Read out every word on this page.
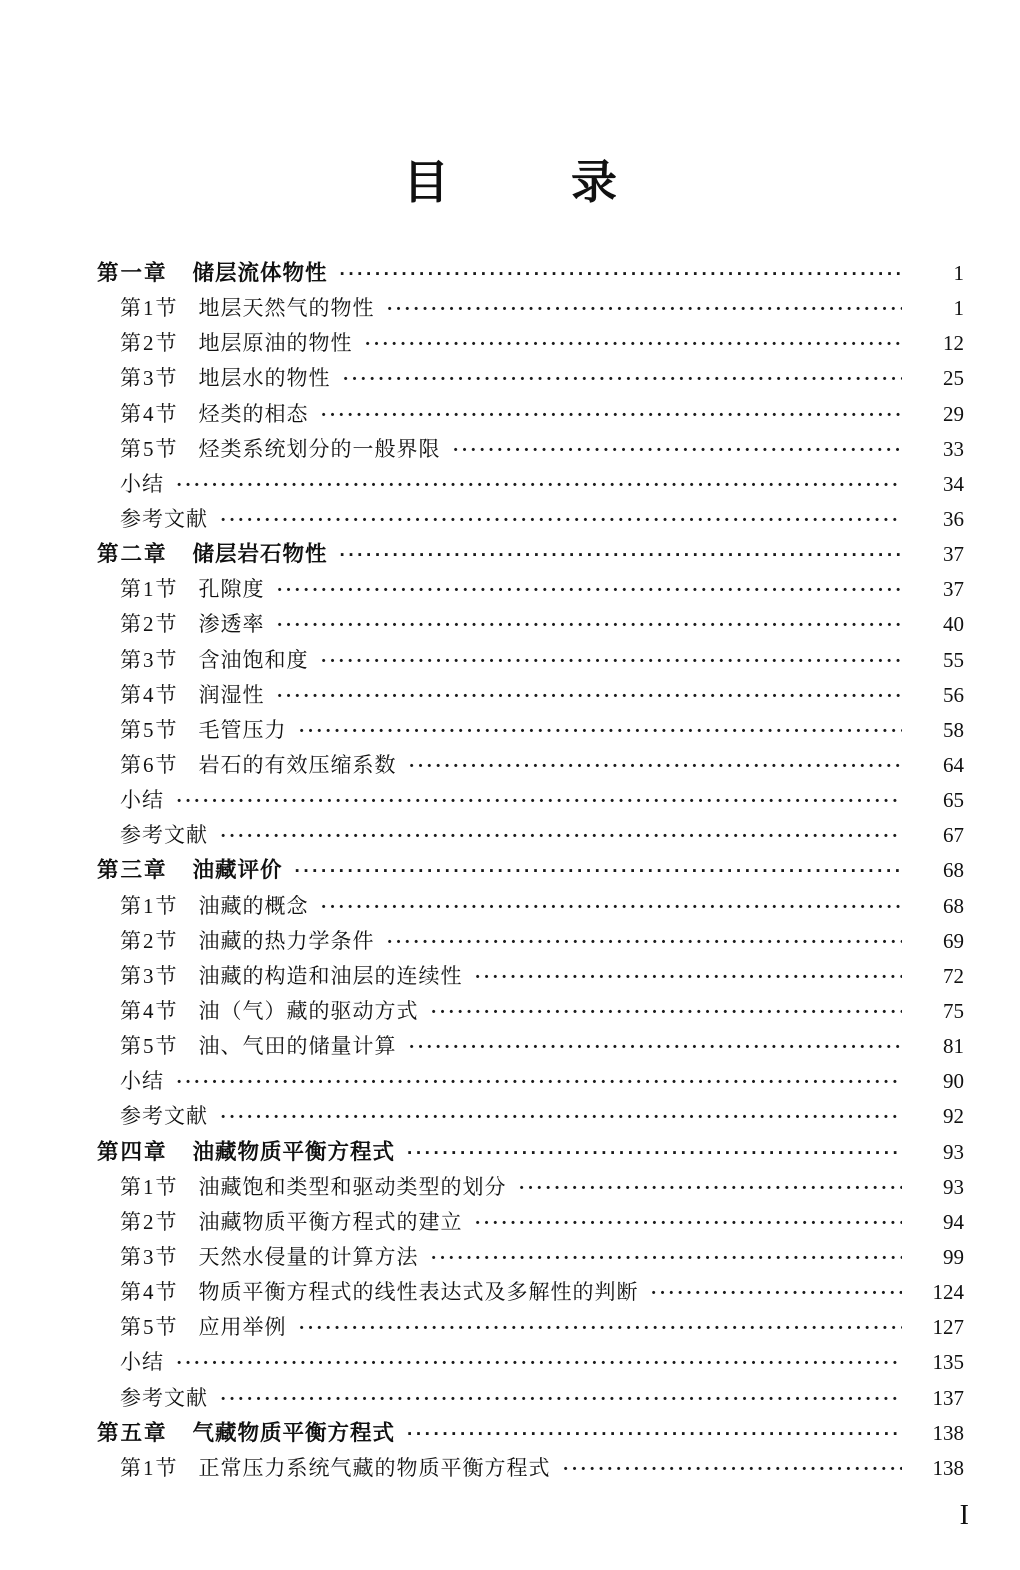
目　录
第一章 储层流体物性 ·····	1
第1节 地层天然气的物性 ·····	1
第2节 地层原油的物性 ·····	12
第3节 地层水的物性 ·····	25
第4节 烃类的相态 ·····	29
第5节 烃类系统划分的一般界限 ·····	33
小结 ·····	34
参考文献 ·····	36
第二章 储层岩石物性 ·····	37
第1节 孔隙度 ·····	37
第2节 渗透率 ·····	40
第3节 含油饱和度 ·····	55
第4节 润湿性 ·····	56
第5节 毛管压力 ·····	58
第6节 岩石的有效压缩系数 ·····	64
小结 ·····	65
参考文献 ·····	67
第三章 油藏评价 ·····	68
第1节 油藏的概念 ·····	68
第2节 油藏的热力学条件 ·····	69
第3节 油藏的构造和油层的连续性 ·····	72
第4节 油（气）藏的驱动方式 ·····	75
第5节 油、气田的储量计算 ·····	81
小结 ·····	90
参考文献 ·····	92
第四章 油藏物质平衡方程式 ·····	93
第1节 油藏饱和类型和驱动类型的划分 ·····	93
第2节 油藏物质平衡方程式的建立 ·····	94
第3节 天然水侵量的计算方法 ·····	99
第4节 物质平衡方程式的线性表达式及多解性的判断 ·····	124
第5节 应用举例 ·····	127
小结 ·····	135
参考文献 ·····	137
第五章 气藏物质平衡方程式 ·····	138
第1节 正常压力系统气藏的物质平衡方程式 ·····	138
I
